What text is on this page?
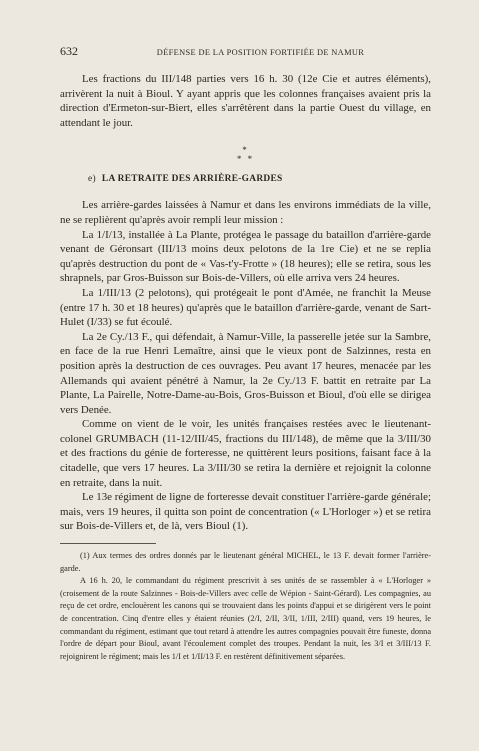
632	DÉFENSE DE LA POSITION FORTIFIÉE DE NAMUR

Les fractions du III/148 parties vers 16 h. 30 (12e Cie et autres éléments), arrivèrent la nuit à Bioul. Y ayant appris que les colonnes françaises avaient pris la direction d'Ermeton-sur-Biert, elles s'arrêtèrent dans la partie Ouest du village, en attendant le jour.

*
* *
e) LA RETRAITE DES ARRIÈRE-GARDES

Les arrière-gardes laissées à Namur et dans les environs immédiats de la ville, ne se replièrent qu'après avoir rempli leur mission :

La 1/I/13, installée à La Plante, protégea le passage du bataillon d'arrière-garde venant de Géronsart (III/13 moins deux pelotons de la 1re Cie) et ne se replia qu'après destruction du pont de « Vas-t'y-Frotte » (18 heures); elle se retira, sous les shrapnels, par Gros-Buisson sur Bois-de-Villers, où elle arriva vers 24 heures.

La 1/III/13 (2 pelotons), qui protégeait le pont d'Amée, ne franchit la Meuse (entre 17 h. 30 et 18 heures) qu'après que le bataillon d'arrière-garde, venant de Sart-Hulet (I/33) se fut écoulé.

La 2e Cy./13 F., qui défendait, à Namur-Ville, la passerelle jetée sur la Sambre, en face de la rue Henri Lemaître, ainsi que le vieux pont de Salzinnes, resta en position après la destruction de ces ouvrages. Peu avant 17 heures, menacée par les Allemands qui avaient pénétré à Namur, la 2e Cy./13 F. battit en retraite par La Plante, La Pairelle, Notre-Dame-au-Bois, Gros-Buisson et Bioul, d'où elle se dirigea vers Denée.

Comme on vient de le voir, les unités françaises restées avec le lieutenant-colonel GRUMBACH (11-12/III/45, fractions du III/148), de même que la 3/III/30 et des fractions du génie de forteresse, ne quittèrent leurs positions, faisant face à la citadelle, que vers 17 heures. La 3/III/30 se retira la dernière et rejoignit la colonne en retraite, dans la nuit.

Le 13e régiment de ligne de forteresse devait constituer l'arrière-garde générale; mais, vers 19 heures, il quitta son point de concentration (« L'Horloger ») et se retira sur Bois-de-Villers et, de là, vers Bioul (1).

(1) Aux termes des ordres donnés par le lieutenant général MICHEL, le 13 F. devait former l'arrière-garde.

A 16 h. 20, le commandant du régiment prescrivit à ses unités de se rassembler à « L'Horloger » (croisement de la route Salzinnes - Bois-de-Villers avec celle de Wépion - Saint-Gérard). Les compagnies, au reçu de cet ordre, enclouèrent les canons qui se trouvaient dans les points d'appui et se dirigèrent vers le point de concentration. Cinq d'entre elles y étaient réunies (2/I, 2/II, 3/II, 1/III, 2/III) quand, vers 19 heures, le commandant du régiment, estimant que tout retard à attendre les autres compagnies pouvait être funeste, donna l'ordre de départ pour Bioul, avant l'écoulement complet des troupes. Pendant la nuit, les 3/I et 3/III/13 F. rejoignirent le régiment; mais les 1/I et 1/II/13 F. en restèrent définitivement séparées.
